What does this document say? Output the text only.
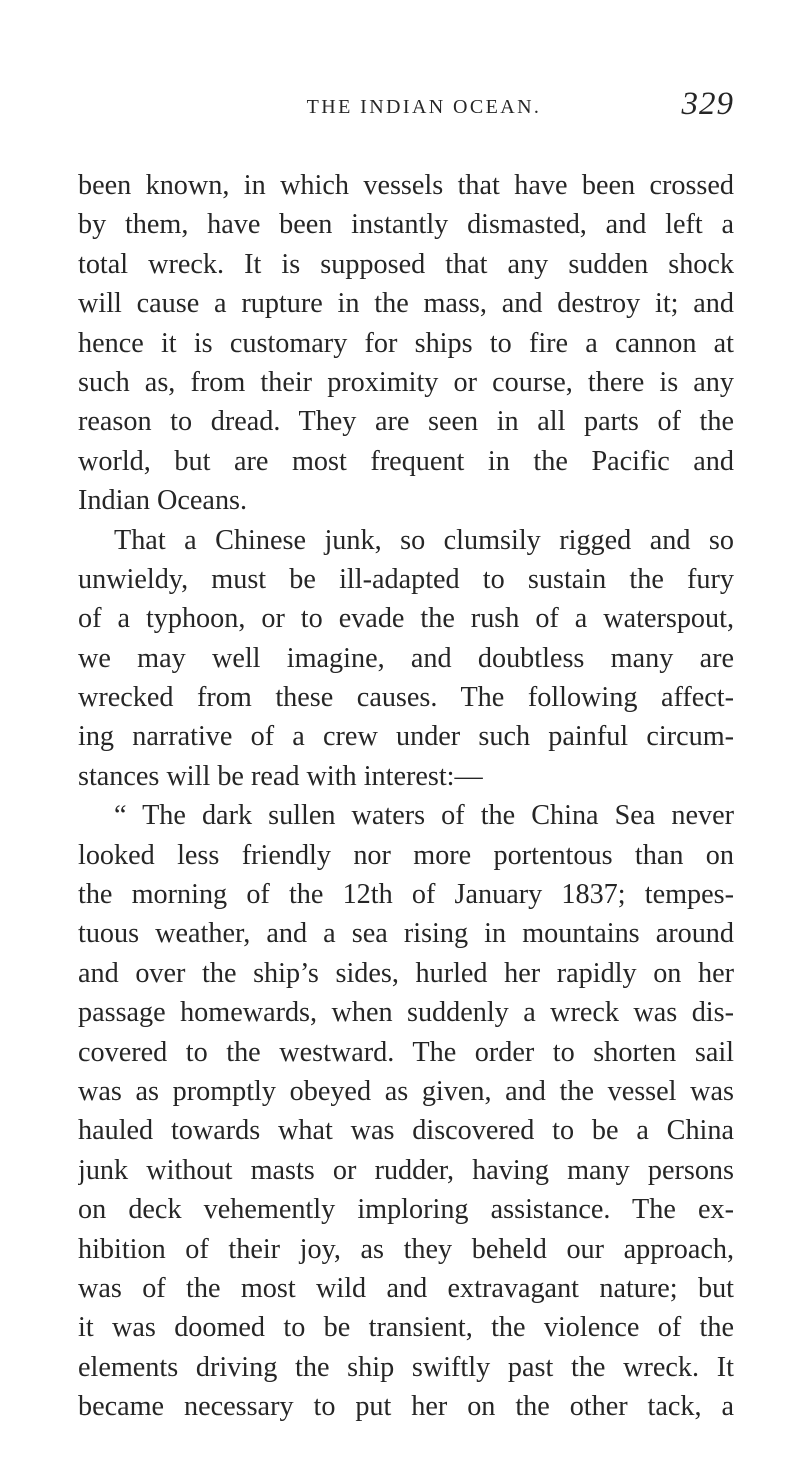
THE INDIAN OCEAN.	329
been known, in which vessels that have been crossed
by them, have been instantly dismasted, and left a
total wreck. It is supposed that any sudden shock
will cause a rupture in the mass, and destroy it; and
hence it is customary for ships to fire a cannon at
such as, from their proximity or course, there is any
reason to dread. They are seen in all parts of the
world, but are most frequent in the Pacific and
Indian Oceans.
That a Chinese junk, so clumsily rigged and so
unwieldy, must be ill-adapted to sustain the fury
of a typhoon, or to evade the rush of a waterspout,
we may well imagine, and doubtless many are
wrecked from these causes. The following affect-
ing narrative of a crew under such painful circum-
stances will be read with interest:—
“ The dark sullen waters of the China Sea never
looked less friendly nor more portentous than on
the morning of the 12th of January 1837; tempes-
tuous weather, and a sea rising in mountains around
and over the ship’s sides, hurled her rapidly on her
passage homewards, when suddenly a wreck was dis-
covered to the westward. The order to shorten sail
was as promptly obeyed as given, and the vessel was
hauled towards what was discovered to be a China
junk without masts or rudder, having many persons
on deck vehemently imploring assistance. The ex-
hibition of their joy, as they beheld our approach,
was of the most wild and extravagant nature; but
it was doomed to be transient, the violence of the
elements driving the ship swiftly past the wreck. It
became necessary to put her on the other tack, a
